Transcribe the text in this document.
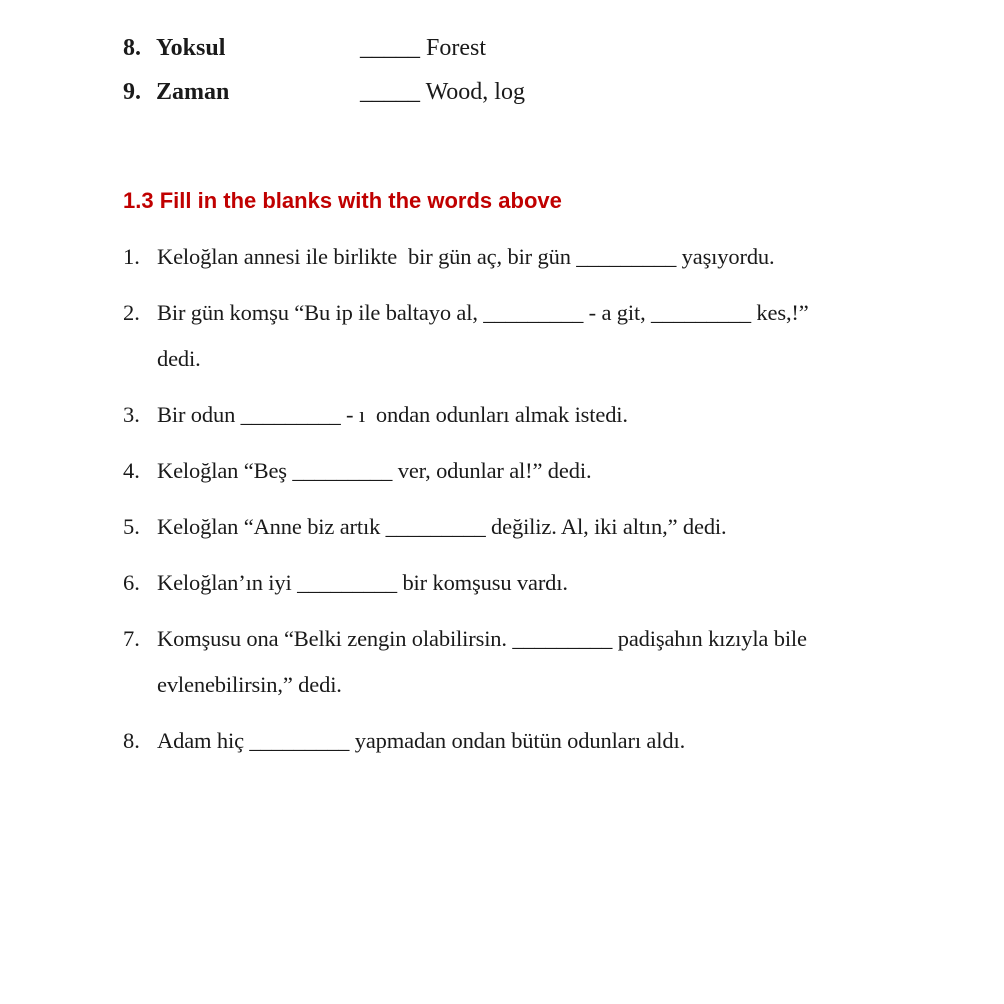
8. Yoksul	_____ Forest
9. Zaman	_____ Wood, log
1.3 Fill in the blanks with the words above
1. Keloğlan annesi ile birlikte  bir gün aç, bir gün _________ yaşıyordu.
2. Bir gün komşu “Bu ip ile baltayo al, _________ - a git, _________ kes,!”
dedi.
3. Bir odun _________ - ı  ondan odunları almak istedi.
4. Keloğlan “Beş _________ ver, odunlar al!” dedi.
5. Keloğlan “Anne biz artık _________ değiliz. Al, iki altın,” dedi.
6. Keloğlan’ın iyi _________ bir komşusu vardı.
7. Komşusu ona “Belki zengin olabilirsin. _________ padişahın kızıyla bile
evlenebilirsin,” dedi.
8. Adam hiç _________ yapmadan ondan bütün odunları aldı.
